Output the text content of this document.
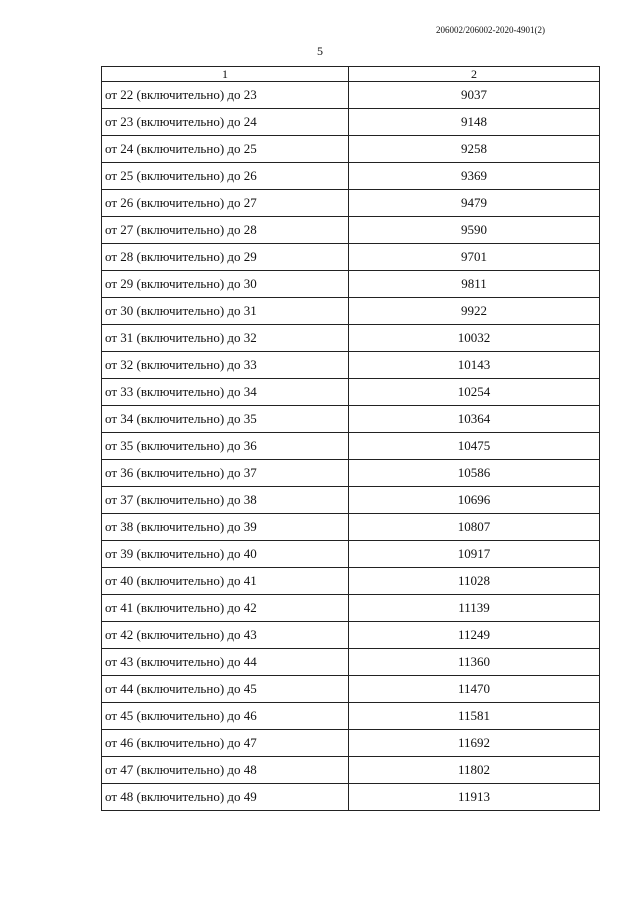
206002/206002-2020-4901(2)
5
1	2
от 22 (включительно) до 23	9037
от 23 (включительно) до 24	9148
от 24 (включительно) до 25	9258
от 25 (включительно) до 26	9369
от 26 (включительно) до 27	9479
от 27 (включительно) до 28	9590
от 28 (включительно) до 29	9701
от 29 (включительно) до 30	9811
от 30 (включительно) до 31	9922
от 31 (включительно) до 32	10032
от 32 (включительно) до 33	10143
от 33 (включительно) до 34	10254
от 34 (включительно) до 35	10364
от 35 (включительно) до 36	10475
от 36 (включительно) до 37	10586
от 37 (включительно) до 38	10696
от 38 (включительно) до 39	10807
от 39 (включительно) до 40	10917
от 40 (включительно) до 41	11028
от 41 (включительно) до 42	11139
от 42 (включительно) до 43	11249
от 43 (включительно) до 44	11360
от 44 (включительно) до 45	11470
от 45 (включительно) до 46	11581
от 46 (включительно) до 47	11692
от 47 (включительно) до 48	11802
от 48 (включительно) до 49	11913
